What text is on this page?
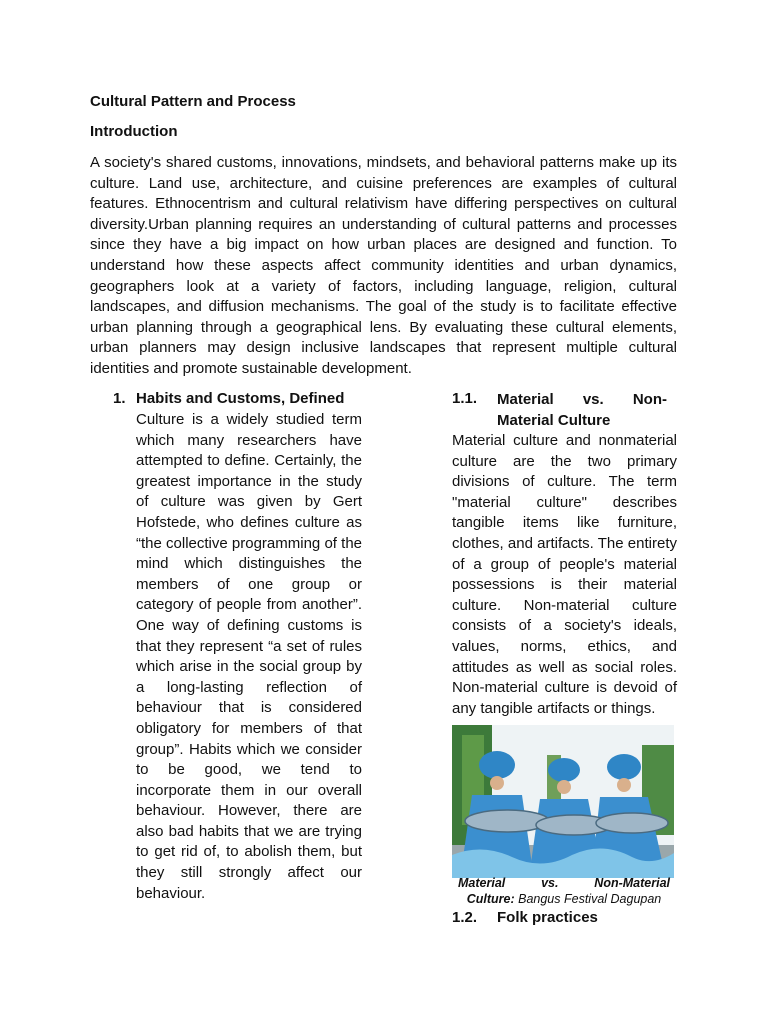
Cultural Pattern and Process
Introduction
A society's shared customs, innovations, mindsets, and behavioral patterns make up its culture. Land use, architecture, and cuisine preferences are examples of cultural features. Ethnocentrism and cultural relativism have differing perspectives on cultural diversity.Urban planning requires an understanding of cultural patterns and processes since they have a big impact on how urban places are designed and function. To understand how these aspects affect community identities and urban dynamics, geographers look at a variety of factors, including language, religion, cultural landscapes, and diffusion mechanisms. The goal of the study is to facilitate effective urban planning through a geographical lens. By evaluating these cultural elements, urban planners may design inclusive landscapes that represent multiple cultural identities and promote sustainable development.
1. Habits and Customs, Defined
Culture is a widely studied term which many researchers have attempted to define. Certainly, the greatest importance in the study of culture was given by Gert Hofstede, who defines culture as “the collective programming of the mind which distinguishes the members of one group or category of people from another”. One way of defining customs is that they represent “a set of rules which arise in the social group by a long-lasting reflection of behaviour that is considered obligatory for members of that group”. Habits which we consider to be good, we tend to incorporate them in our overall behaviour. However, there are also bad habits that we are trying to get rid of, to abolish them, but they still strongly affect our behaviour.
1.1. Material vs. Non-
Material Culture
Material culture and nonmaterial culture are the two primary divisions of culture. The term "material culture" describes tangible items like furniture, clothes, and artifacts. The entirety of a group of people's material possessions is their material culture. Non-material culture consists of a society's ideals, values, norms, ethics, and attitudes as well as social roles. Non-material culture is devoid of any tangible artifacts or things.
Material vs. Non-Material
Culture: Bangus Festival Dagupan
1.2. Folk practices
